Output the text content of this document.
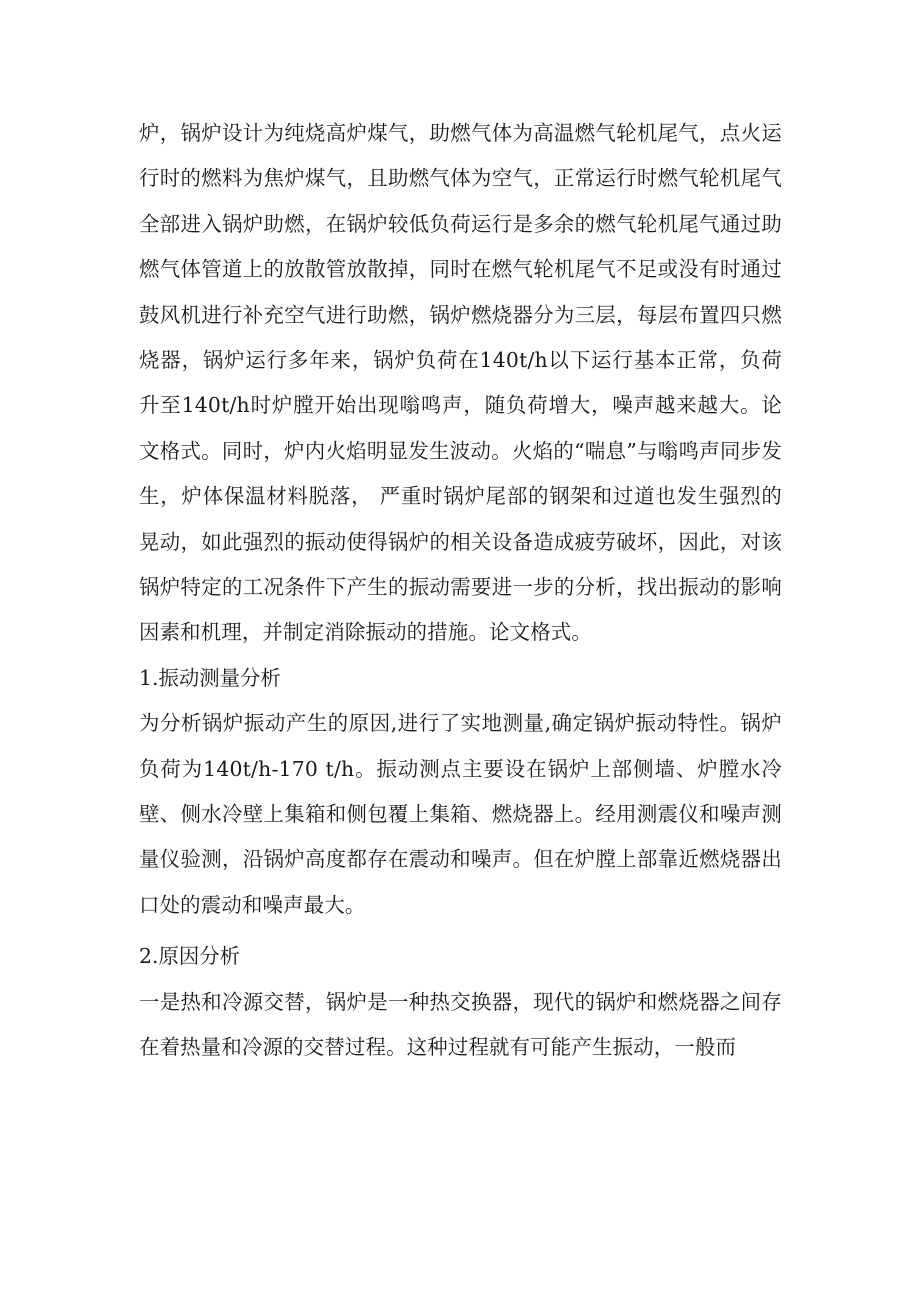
炉，锅炉设计为纯烧高炉煤气，助燃气体为高温燃气轮机尾气，点火运行时的燃料为焦炉煤气，且助燃气体为空气，正常运行时燃气轮机尾气全部进入锅炉助燃，在锅炉较低负荷运行是多余的燃气轮机尾气通过助燃气体管道上的放散管放散掉，同时在燃气轮机尾气不足或没有时通过鼓风机进行补充空气进行助燃，锅炉燃烧器分为三层，每层布置四只燃烧器，锅炉运行多年来，锅炉负荷在140t/h以下运行基本正常，负荷升至140t/h时炉膛开始出现嗡鸣声，随负荷增大，噪声越来越大。论文格式。同时，炉内火焰明显发生波动。火焰的“喘息”与嗡鸣声同步发生，炉体保温材料脱落， 严重时锅炉尾部的钢架和过道也发生强烈的晃动，如此强烈的振动使得锅炉的相关设备造成疲劳破坏，因此，对该锅炉特定的工况条件下产生的振动需要进一步的分析，找出振动的影响因素和机理，并制定消除振动的措施。论文格式。

1.振动测量分析

为分析锅炉振动产生的原因,进行了实地测量,确定锅炉振动特性。锅炉负荷为140t/h-170 t/h。振动测点主要设在锅炉上部侧墙、炉膛水冷壁、侧水冷壁上集箱和侧包覆上集箱、燃烧器上。经用测震仪和噪声测量仪验测，沿锅炉高度都存在震动和噪声。但在炉膛上部靠近燃烧器出口处的震动和噪声最大。

2.原因分析

一是热和冷源交替，锅炉是一种热交换器，现代的锅炉和燃烧器之间存在着热量和冷源的交替过程。这种过程就有可能产生振动，一般而
